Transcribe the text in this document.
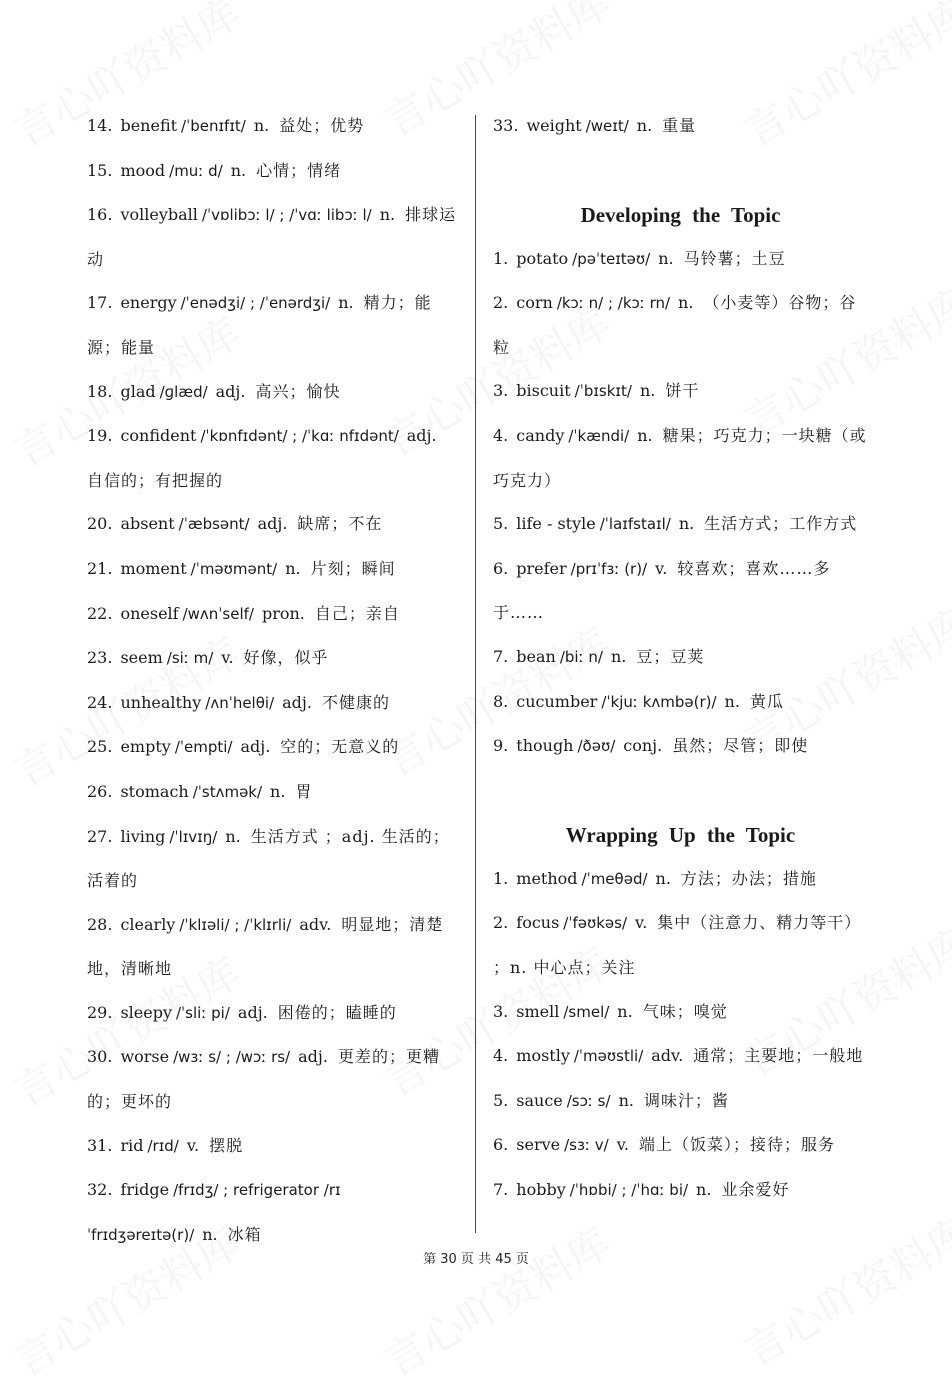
14. benefit /ˈbenɪfɪt/ n. 益处；优势
15. mood /muː d/ n. 心情；情绪
16. volleyball /ˈvɒlibɔː l/ ; /ˈvɑː libɔː l/ n. 排球运动
17. energy /ˈenədʒi/ ; /ˈenərdʒi/ n. 精力；能源；能量
18. glad /ɡlæd/ adj. 高兴；愉快
19. confident /ˈkɒnfɪdənt/ ; /ˈkɑː nfɪdənt/ adj.自信的；有把握的
20. absent /ˈæbsənt/ adj. 缺席；不在
21. moment /ˈməʊmənt/ n. 片刻；瞬间
22. oneself /wʌnˈself/ pron. 自己；亲自
23. seem /siː m/ v. 好像，似乎
24. unhealthy /ʌnˈhelθi/ adj. 不健康的
25. empty /ˈempti/ adj. 空的；无意义的
26. stomach /ˈstʌmək/ n. 胃
27. living /ˈlɪvɪŋ/ n. 生活方式 ；adj. 生活的；活着的
28. clearly /ˈklɪəli/ ; /ˈklɪrli/ adv. 明显地；清楚地，清晰地
29. sleepy /ˈsliː pi/ adj. 困倦的；瞌睡的
30. worse /wɜː s/ ; /wɔː rs/ adj. 更差的；更糟的；更坏的
31. rid /rɪd/ v. 摆脱
32. fridge /frɪdʒ/ ; refrigerator /rɪˈfrɪdʒəreɪtə(r)/ n. 冰箱
33. weight /weɪt/ n. 重量
Developing the Topic
1. potato /pəˈteɪtəʊ/ n. 马铃薯；土豆
2. corn /kɔː n/ ; /kɔː rn/ n. （小麦等）谷物；谷粒
3. biscuit /ˈbɪskɪt/ n. 饼干
4. candy /ˈkændi/ n. 糖果；巧克力；一块糖（或巧克力）
5. life - style /ˈlaɪfstaɪl/ n. 生活方式；工作方式
6. prefer /prɪˈfɜː (r)/ v. 较喜欢；喜欢……多于……
7. bean /biː n/ n. 豆；豆荚
8. cucumber /ˈkjuː kʌmbə(r)/ n. 黄瓜
9. though /ðəʊ/ conj. 虽然；尽管；即使
Wrapping Up the Topic
1. method /ˈmeθəd/ n. 方法；办法；措施
2. focus /ˈfəʊkəs/ v. 集中（注意力、精力等干） ；n. 中心点；关注
3. smell /smel/ n. 气味；嗅觉
4. mostly /ˈməʊstli/ adv. 通常；主要地；一般地
5. sauce /sɔː s/ n. 调味汁；酱
6. serve /sɜː v/ v. 端上（饭菜）；接待；服务
7. hobby /ˈhɒbi/ ; /ˈhɑː bi/ n. 业余爱好
第 30 页 共 45 页
